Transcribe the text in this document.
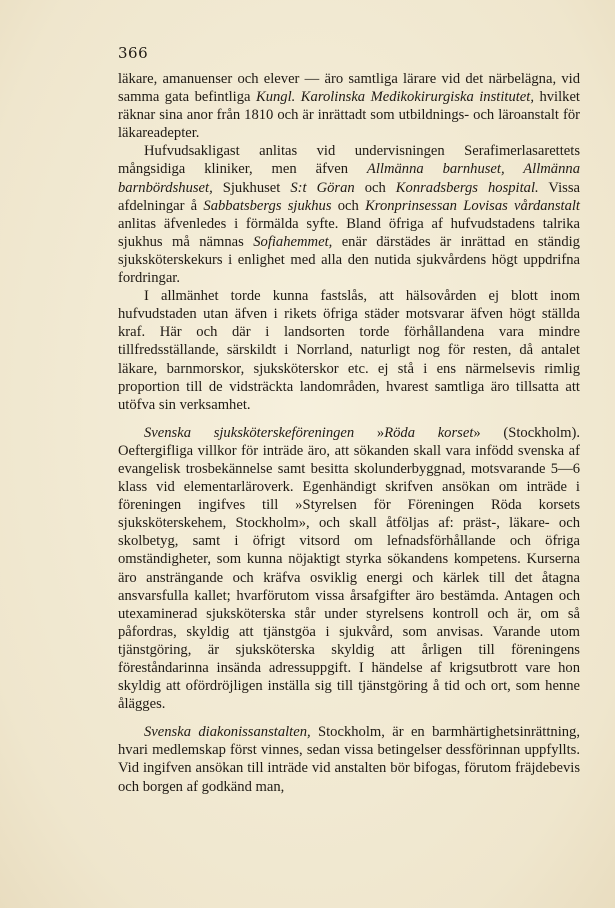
366

läkare, amanuenser och elever — äro samtliga lärare vid det närbelägna, vid samma gata befintliga Kungl. Karolinska Medikokirurgiska institutet, hvilket räknar sina anor från 1810 och är inrättadt som utbildnings- och läroanstalt för läkareadepter.

Hufvudsakligast anlitas vid undervisningen Serafimerlasarettets mångsidiga kliniker, men äfven Allmänna barnhuset, Allmänna barnbördshuset, Sjukhuset S:t Göran och Konradsbergs hospital. Vissa afdelningar å Sabbatsbergs sjukhus och Kronprinsessan Lovisas vårdanstalt anlitas äfvenledes i förmälda syfte. Bland öfriga af hufvudstadens talrika sjukhus må nämnas Sofiahemmet, enär därstädes är inrättad en ständig sjuksköterskekurs i enlighet med alla den nutida sjukvårdens högt uppdrifna fordringar.

I allmänhet torde kunna fastslås, att hälsovården ej blott inom hufvudstaden utan äfven i rikets öfriga städer motsvarar äfven högt ställda kraf. Här och där i landsorten torde förhållandena vara mindre tillfredsställande, särskildt i Norrland, naturligt nog för resten, då antalet läkare, barnmorskor, sjuksköterskor etc. ej stå i ens närmelsevis rimlig proportion till de vidsträckta landområden, hvarest samtliga äro tillsatta att utöfva sin verksamhet.

Svenska sjuksköterskeföreningen »Röda korset» (Stockholm). Oeftergifliga villkor för inträde äro, att sökanden skall vara infödd svenska af evangelisk trosbekännelse samt besitta skolunderbyggnad, motsvarande 5—6 klass vid elementarläroverk. Egenhändigt skrifven ansökan om inträde i föreningen ingifves till »Styrelsen för Föreningen Röda korsets sjuksköterskehem, Stockholm», och skall åtföljas af: präst-, läkare- och skolbetyg, samt i öfrigt vitsord om lefnadsförhållande och öfriga omständigheter, som kunna nöjaktigt styrka sökandens kompetens. Kurserna äro ansträngande och kräfva osviklig energi och kärlek till det åtagna ansvarsfulla kallet; hvarförutom vissa årsafgifter äro bestämda. Antagen och utexaminerad sjuksköterska står under styrelsens kontroll och är, om så påfordras, skyldig att tjänstgöa i sjukvård, som anvisas. Varande utom tjänstgöring, är sjuksköterska skyldig att årligen till föreningens föreståndarinna insända adressuppgift. I händelse af krigsutbrott vare hon skyldig att ofördröjligen inställa sig till tjänstgöring å tid och ort, som henne ålägges.

Svenska diakonissanstalten, Stockholm, är en barmhärtighetsinrättning, hvari medlemskap först vinnes, sedan vissa betingelser dessförinnan uppfyllts. Vid ingifven ansökan till inträde vid anstalten bör bifogas, förutom fräjdebevis och borgen af godkänd man,
